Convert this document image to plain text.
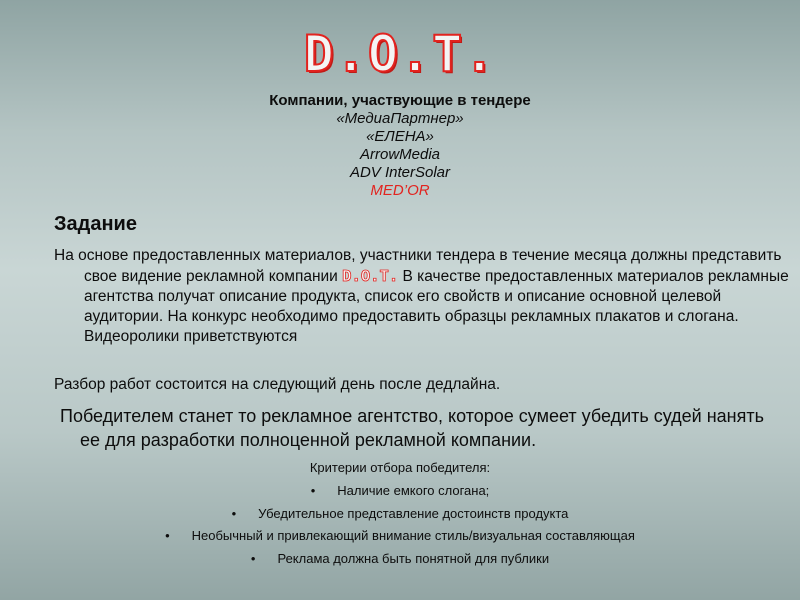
D.O.T.
Компании, участвующие в тендере
«МедиаПартнер»
«ЕЛЕНА»
ArrowMedia
ADV InterSolar
MED’OR
Задание
На основе предоставленных материалов, участники тендера в течение месяца должны представить свое видение рекламной компании D.O.T. В качестве предоставленных материалов рекламные агентства получат описание продукта, список его свойств и описание основной целевой аудитории. На конкурс необходимо предоставить образцы рекламных плакатов и слогана. Видеоролики приветствуются
Разбор работ состоится на следующий день после дедлайна.
Победителем станет то рекламное агентство, которое сумеет убедить судей нанять ее для разработки полноценной рекламной компании.
Критерии отбора победителя:
• Наличие емкого слогана;
• Убедительное представление достоинств продукта
• Необычный и привлекающий внимание стиль/визуальная составляющая
• Реклама должна быть понятной для публики
